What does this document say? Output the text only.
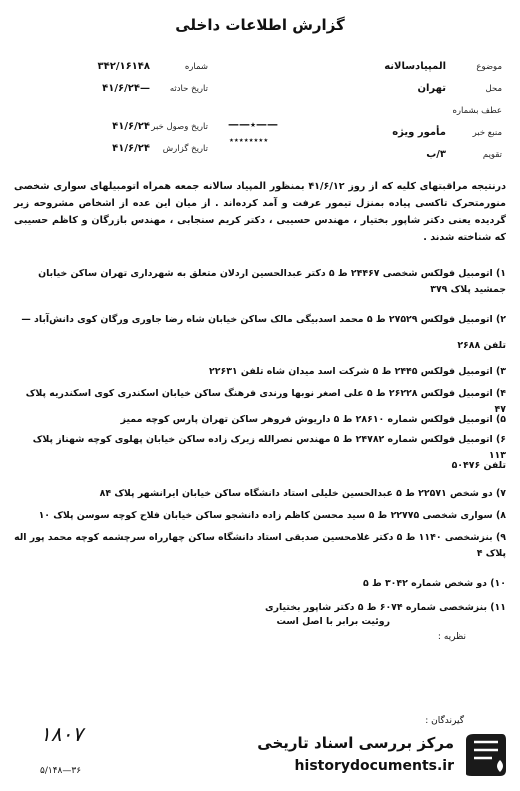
گزارش اطلاعات داخلی
شماره
۳۴۲/۱۶۱۴۸
تاریخ حادثه
۴۱/۶/۲۴—
تاریخ وصول خبر
۴۱/۶/۲۴
تاریخ گزارش
۴۱/۶/۲۴
موضوع
المپیادسالانه
محل
تهران
عطف بشماره
منبع خبر
مأمور ویژه
تقویم
۳/ب
——٭——
٭٭٭٭٭٭٭٭
درنتیجه مراقبتهای کلیه که از روز ۴۱/۶/۱۲ بمنظور المپیاد سالانه جمعه همراه اتومبیلهای سواری شخصی منورمتحرک تاکسی پیاده بمنزل تیمور عرفت و آمد کرده‌اند . از میان این عده از اشخاص مشروحه زیر گردیده یعنی دکتر شاپور بختیار ، مهندس حسیبی ، دکتر کریم سنجابی ، مهندس بازرگان و کاظم حسیبی که شناخته شدند .
۱) اتومبیل فولکس شخصی ۲۴۴۶۷ ط ۵ دکتر عبدالحسین اردلان متعلق به شهرداری تهران ساکن خیابان جمشید پلاک ۳۷۹
۲) اتومبیل فولکس ۲۷۵۲۹ ط ۵ محمد اسدبیگی مالک ساکن خیابان شاه رضا جاوری ورگان کوی دانش‌آباد —
تلفن ۲۶۸۸
۳) اتومبیل فولکس ۲۴۴۵ ط ۵ شرکت اسد میدان شاه تلفن ۲۲۶۳۱
۴) اتومبیل فولکس ۲۶۲۲۸ ط ۵ علی اصغر نوبها ورندی فرهنگ ساکن خیابان اسکندری کوی اسکندریه پلاک ۴۷
۵) اتومبیل فولکس شماره ۲۸۶۱۰ ط ۵ داریوش فروهر ساکن تهران پارس کوچه ممیز
۶) اتومبیل فولکس شماره ۲۴۷۸۲ ط ۵ مهندس نصرالله زیرک زاده ساکن خیابان پهلوی کوچه شهناز پلاک ۱۱۳
تلفن ۵۰۴۷۶
۷) دو شخص ۲۲۵۷۱ ط ۵ عبدالحسین خلیلی استاد دانشگاه ساکن خیابان ایرانشهر پلاک ۸۴
۸) سواری شخصی ۲۲۷۷۵ ط ۵ سید محسن کاظم زاده دانشجو ساکن خیابان فلاح کوچه سوسن پلاک ۱۰
۹) بنزشخصی ۱۱۴۰ ط ۵ دکتر غلامحسین صدیقی استاد دانشگاه ساکن چهارراه سرچشمه کوچه محمد پور اله پلاک ۴
۱۰) دو شخص شماره ۳۰۴۲ ط ۵
۱۱) بنزشخصی شماره ۶۰۷۴ ط ۵ دکتر شاپور بختیاری
روئیت برابر با اصل است
نظریه :
گیرندگان :
۱۸۰۷
۵/۱۴۸—۳۶
مرکز بررسی اسناد تاریخی
historydocuments.ir
